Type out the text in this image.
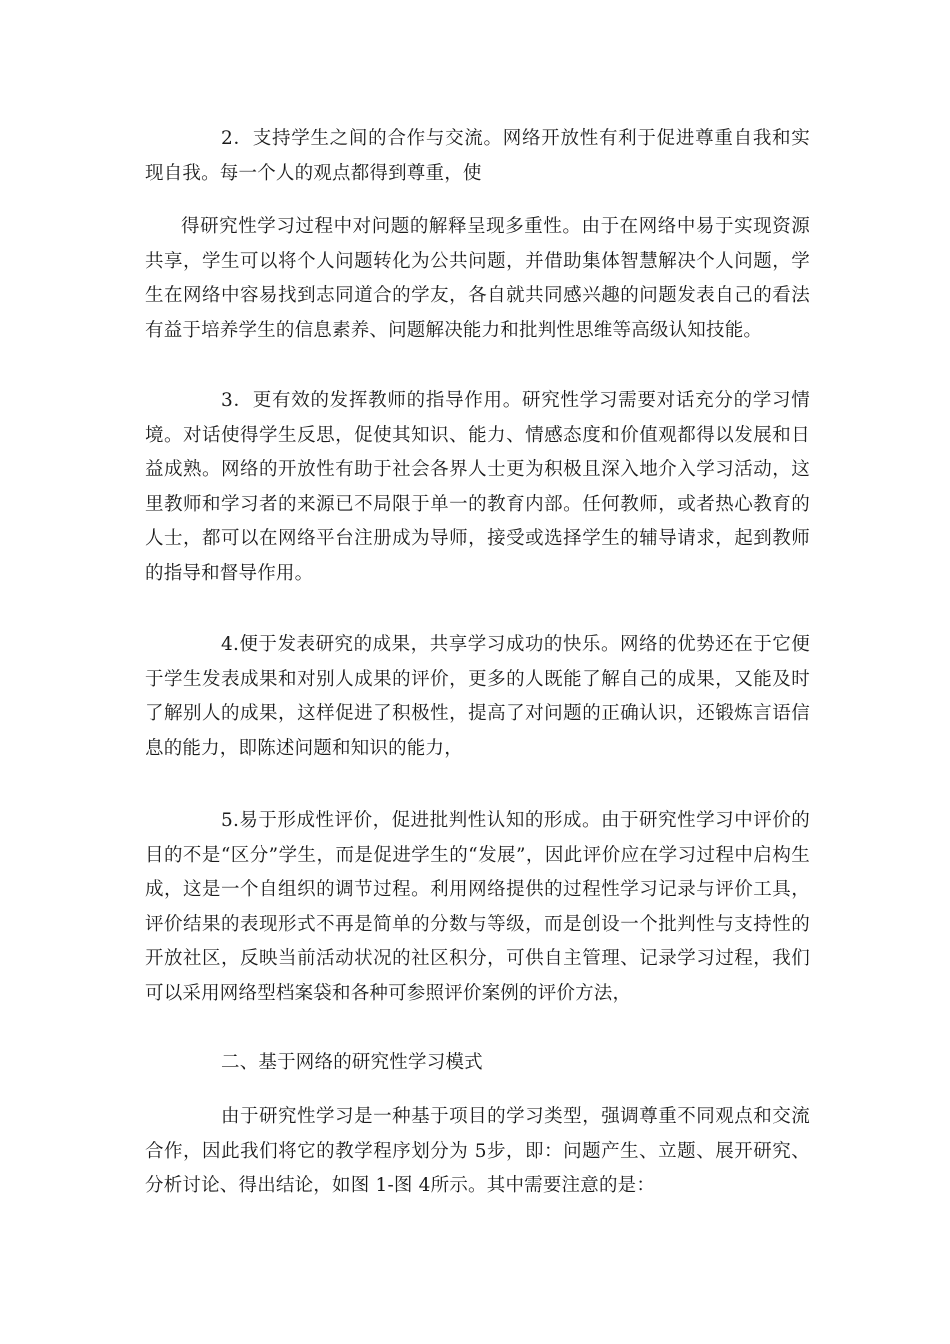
2．支持学生之间的合作与交流。网络开放性有利于促进尊重自我和实现自我。每一个人的观点都得到尊重，使

得研究性学习过程中对问题的解释呈现多重性。由于在网络中易于实现资源共享，学生可以将个人问题转化为公共问题，并借助集体智慧解决个人问题，学生在网络中容易找到志同道合的学友，各自就共同感兴趣的问题发表自己的看法有益于培养学生的信息素养、问题解决能力和批判性思维等高级认知技能。

3．更有效的发挥教师的指导作用。研究性学习需要对话充分的学习情境。对话使得学生反思，促使其知识、能力、情感态度和价值观都得以发展和日益成熟。网络的开放性有助于社会各界人士更为积极且深入地介入学习活动，这里教师和学习者的来源已不局限于单一的教育内部。任何教师，或者热心教育的人士，都可以在网络平台注册成为导师，接受或选择学生的辅导请求，起到教师的指导和督导作用。

4.便于发表研究的成果，共享学习成功的快乐。网络的优势还在于它便于学生发表成果和对别人成果的评价，更多的人既能了解自己的成果，又能及时了解别人的成果，这样促进了积极性，提高了对问题的正确认识，还锻炼言语信息的能力，即陈述问题和知识的能力，

5.易于形成性评价，促进批判性认知的形成。由于研究性学习中评价的目的不是“区分”学生，而是促进学生的“发展”，因此评价应在学习过程中启构生成，这是一个自组织的调节过程。利用网络提供的过程性学习记录与评价工具，评价结果的表现形式不再是简单的分数与等级，而是创设一个批判性与支持性的开放社区，反映当前活动状况的社区积分，可供自主管理、记录学习过程，我们可以采用网络型档案袋和各种可参照评价案例的评价方法，

二、基于网络的研究性学习模式

由于研究性学习是一种基于项目的学习类型，强调尊重不同观点和交流合作，因此我们将它的教学程序划分为 5步，即：问题产生、立题、展开研究、分析讨论、得出结论，如图 1-图 4所示。其中需要注意的是：
